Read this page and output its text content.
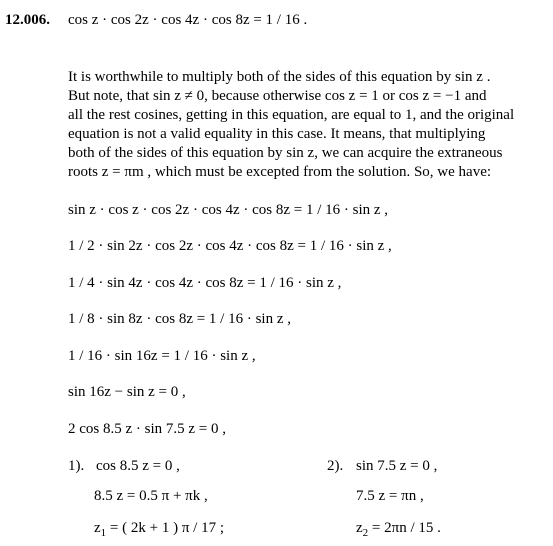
12.006. cos z · cos 2z · cos 4z · cos 8z = 1 / 16 .
It is worthwhile to multiply both of the sides of this equation by sin z .
But note, that sin z ≠ 0, because otherwise cos z = 1 or cos z = −1 and
all the rest cosines, getting in this equation, are equal to 1, and the original
equation is not a valid equality in this case. It means, that multiplying
both of the sides of this equation by sin z, we can acquire the extraneous
roots z = πm , which must be excepted from the solution. So, we have:
sin z · cos z · cos 2z · cos 4z · cos 8z = 1 / 16 · sin z ,
1 / 2 · sin 2z · cos 2z · cos 4z · cos 8z = 1 / 16 · sin z ,
1 / 4 · sin 4z · cos 4z · cos 8z = 1 / 16 · sin z ,
1 / 8 · sin 8z · cos 8z = 1 / 16 · sin z ,
1 / 16 · sin 16z = 1 / 16 · sin z ,
sin 16z − sin z = 0 ,
2 cos 8.5 z · sin 7.5 z = 0 ,
1). cos 8.5 z = 0 ,
8.5 z = 0.5 π + πk ,
$z_1$ = ( 2k + 1 ) π / 17 ;
2). sin 7.5 z = 0 ,
7.5 z = πn ,
$z_2 = 2\pi n / 15$ .
